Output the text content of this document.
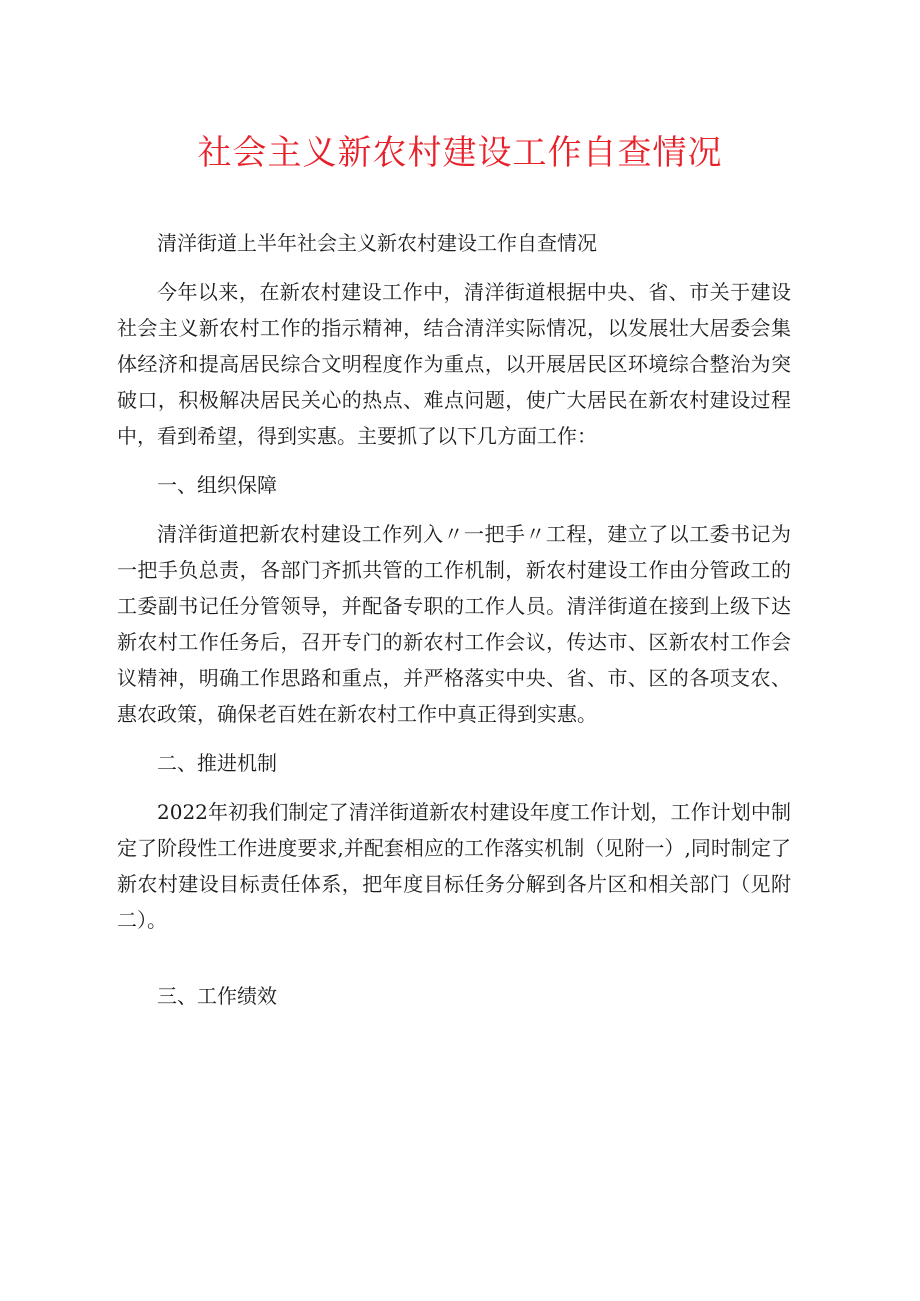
社会主义新农村建设工作自查情况

清洋街道上半年社会主义新农村建设工作自查情况

今年以来，在新农村建设工作中，清洋街道根据中央、省、市关于建设社会主义新农村工作的指示精神，结合清洋实际情况，以发展壮大居委会集体经济和提高居民综合文明程度作为重点，以开展居民区环境综合整治为突破口，积极解决居民关心的热点、难点问题，使广大居民在新农村建设过程中，看到希望，得到实惠。主要抓了以下几方面工作：

一、组织保障

清洋街道把新农村建设工作列入〃一把手〃工程，建立了以工委书记为一把手负总责，各部门齐抓共管的工作机制，新农村建设工作由分管政工的工委副书记任分管领导，并配备专职的工作人员。清洋街道在接到上级下达新农村工作任务后，召开专门的新农村工作会议，传达市、区新农村工作会议精神，明确工作思路和重点，并严格落实中央、省、市、区的各项支农、惠农政策，确保老百姓在新农村工作中真正得到实惠。

二、推进机制

2022年初我们制定了清洋街道新农村建设年度工作计划，工作计划中制定了阶段性工作进度要求,并配套相应的工作落实机制（见附一）,同时制定了新农村建设目标责任体系，把年度目标任务分解到各片区和相关部门（见附二）。

三、工作绩效
